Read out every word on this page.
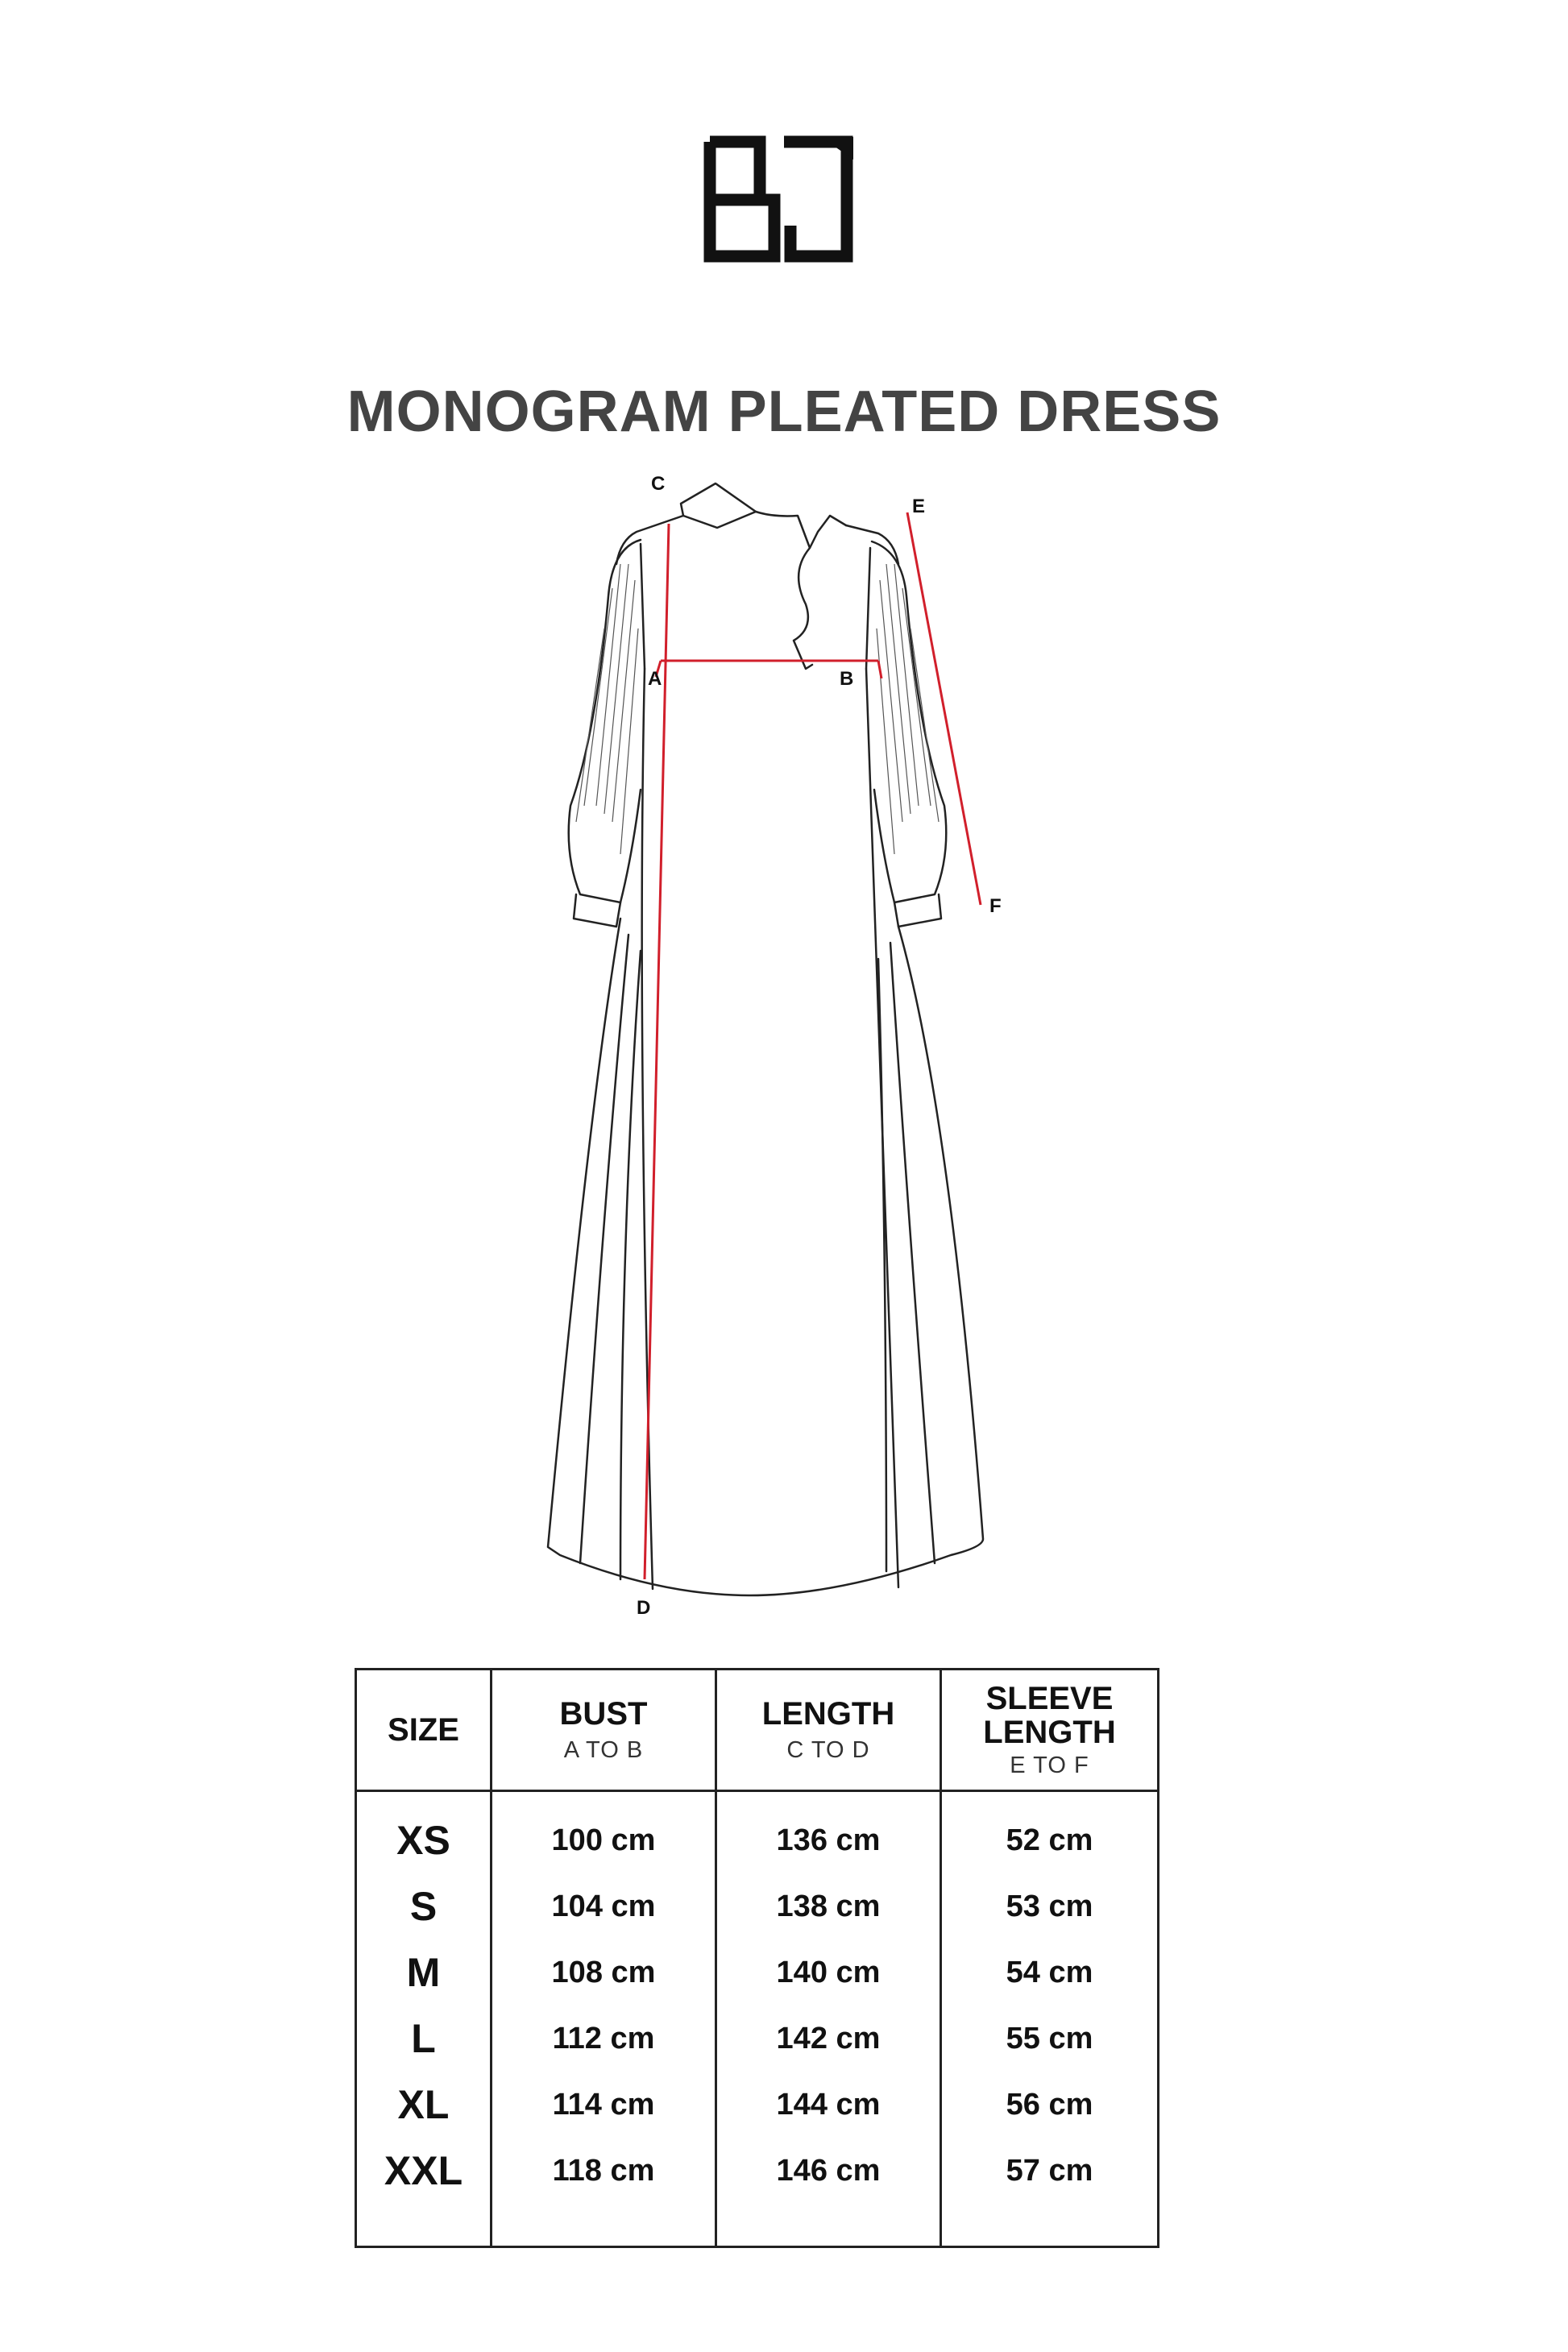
MONOGRAM PLEATED DRESS
C
E
A	B
F
D
SIZE	BUST
A TO B
LENGTH
C TO D
SLEEVE
LENGTH
E TO F
XS
S
M
L
XL
XXL
100 cm
104 cm
108 cm
112 cm
114 cm
118 cm
136 cm
138 cm
140 cm
142 cm
144 cm
146 cm
52 cm
53 cm
54 cm
55 cm
56 cm
57 cm
